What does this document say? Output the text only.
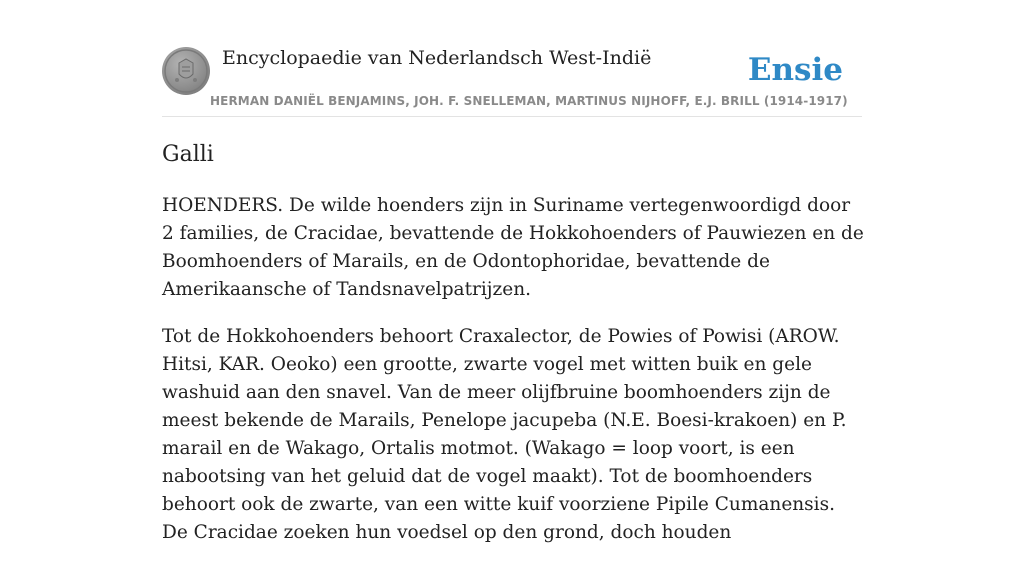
Encyclopaedie van Nederlandsch West-Indië	Ensie
HERMAN DANIËL BENJAMINS, JOH. F. SNELLEMAN, MARTINUS NIJHOFF, E.J. BRILL (1914-1917)
Galli

HOENDERS. De wilde hoenders zijn in Suriname vertegenwoordigd door 2 families, de Cracidae, bevattende de Hokkohoenders of Pauwiezen en de Boomhoenders of Marails, en de Odontophoridae, bevattende de Amerikaansche of Tandsnavelpatrijzen.

Tot de Hokkohoenders behoort Craxalector, de Powies of Powisi (AROW. Hitsi, KAR. Oeoko) een grootte, zwarte vogel met witten buik en gele washuid aan den snavel. Van de meer olijfbruine boomhoenders zijn de meest bekende de Marails, Penelope jacupeba (N.E. Boesi-krakoen) en P. marail en de Wakago, Ortalis motmot. (Wakago = loop voort, is een nabootsing van het geluid dat de vogel maakt). Tot de boomhoenders behoort ook de zwarte, van een witte kuif voorziene Pipile Cumanensis. De Cracidae zoeken hun voedsel op den grond, doch houden
